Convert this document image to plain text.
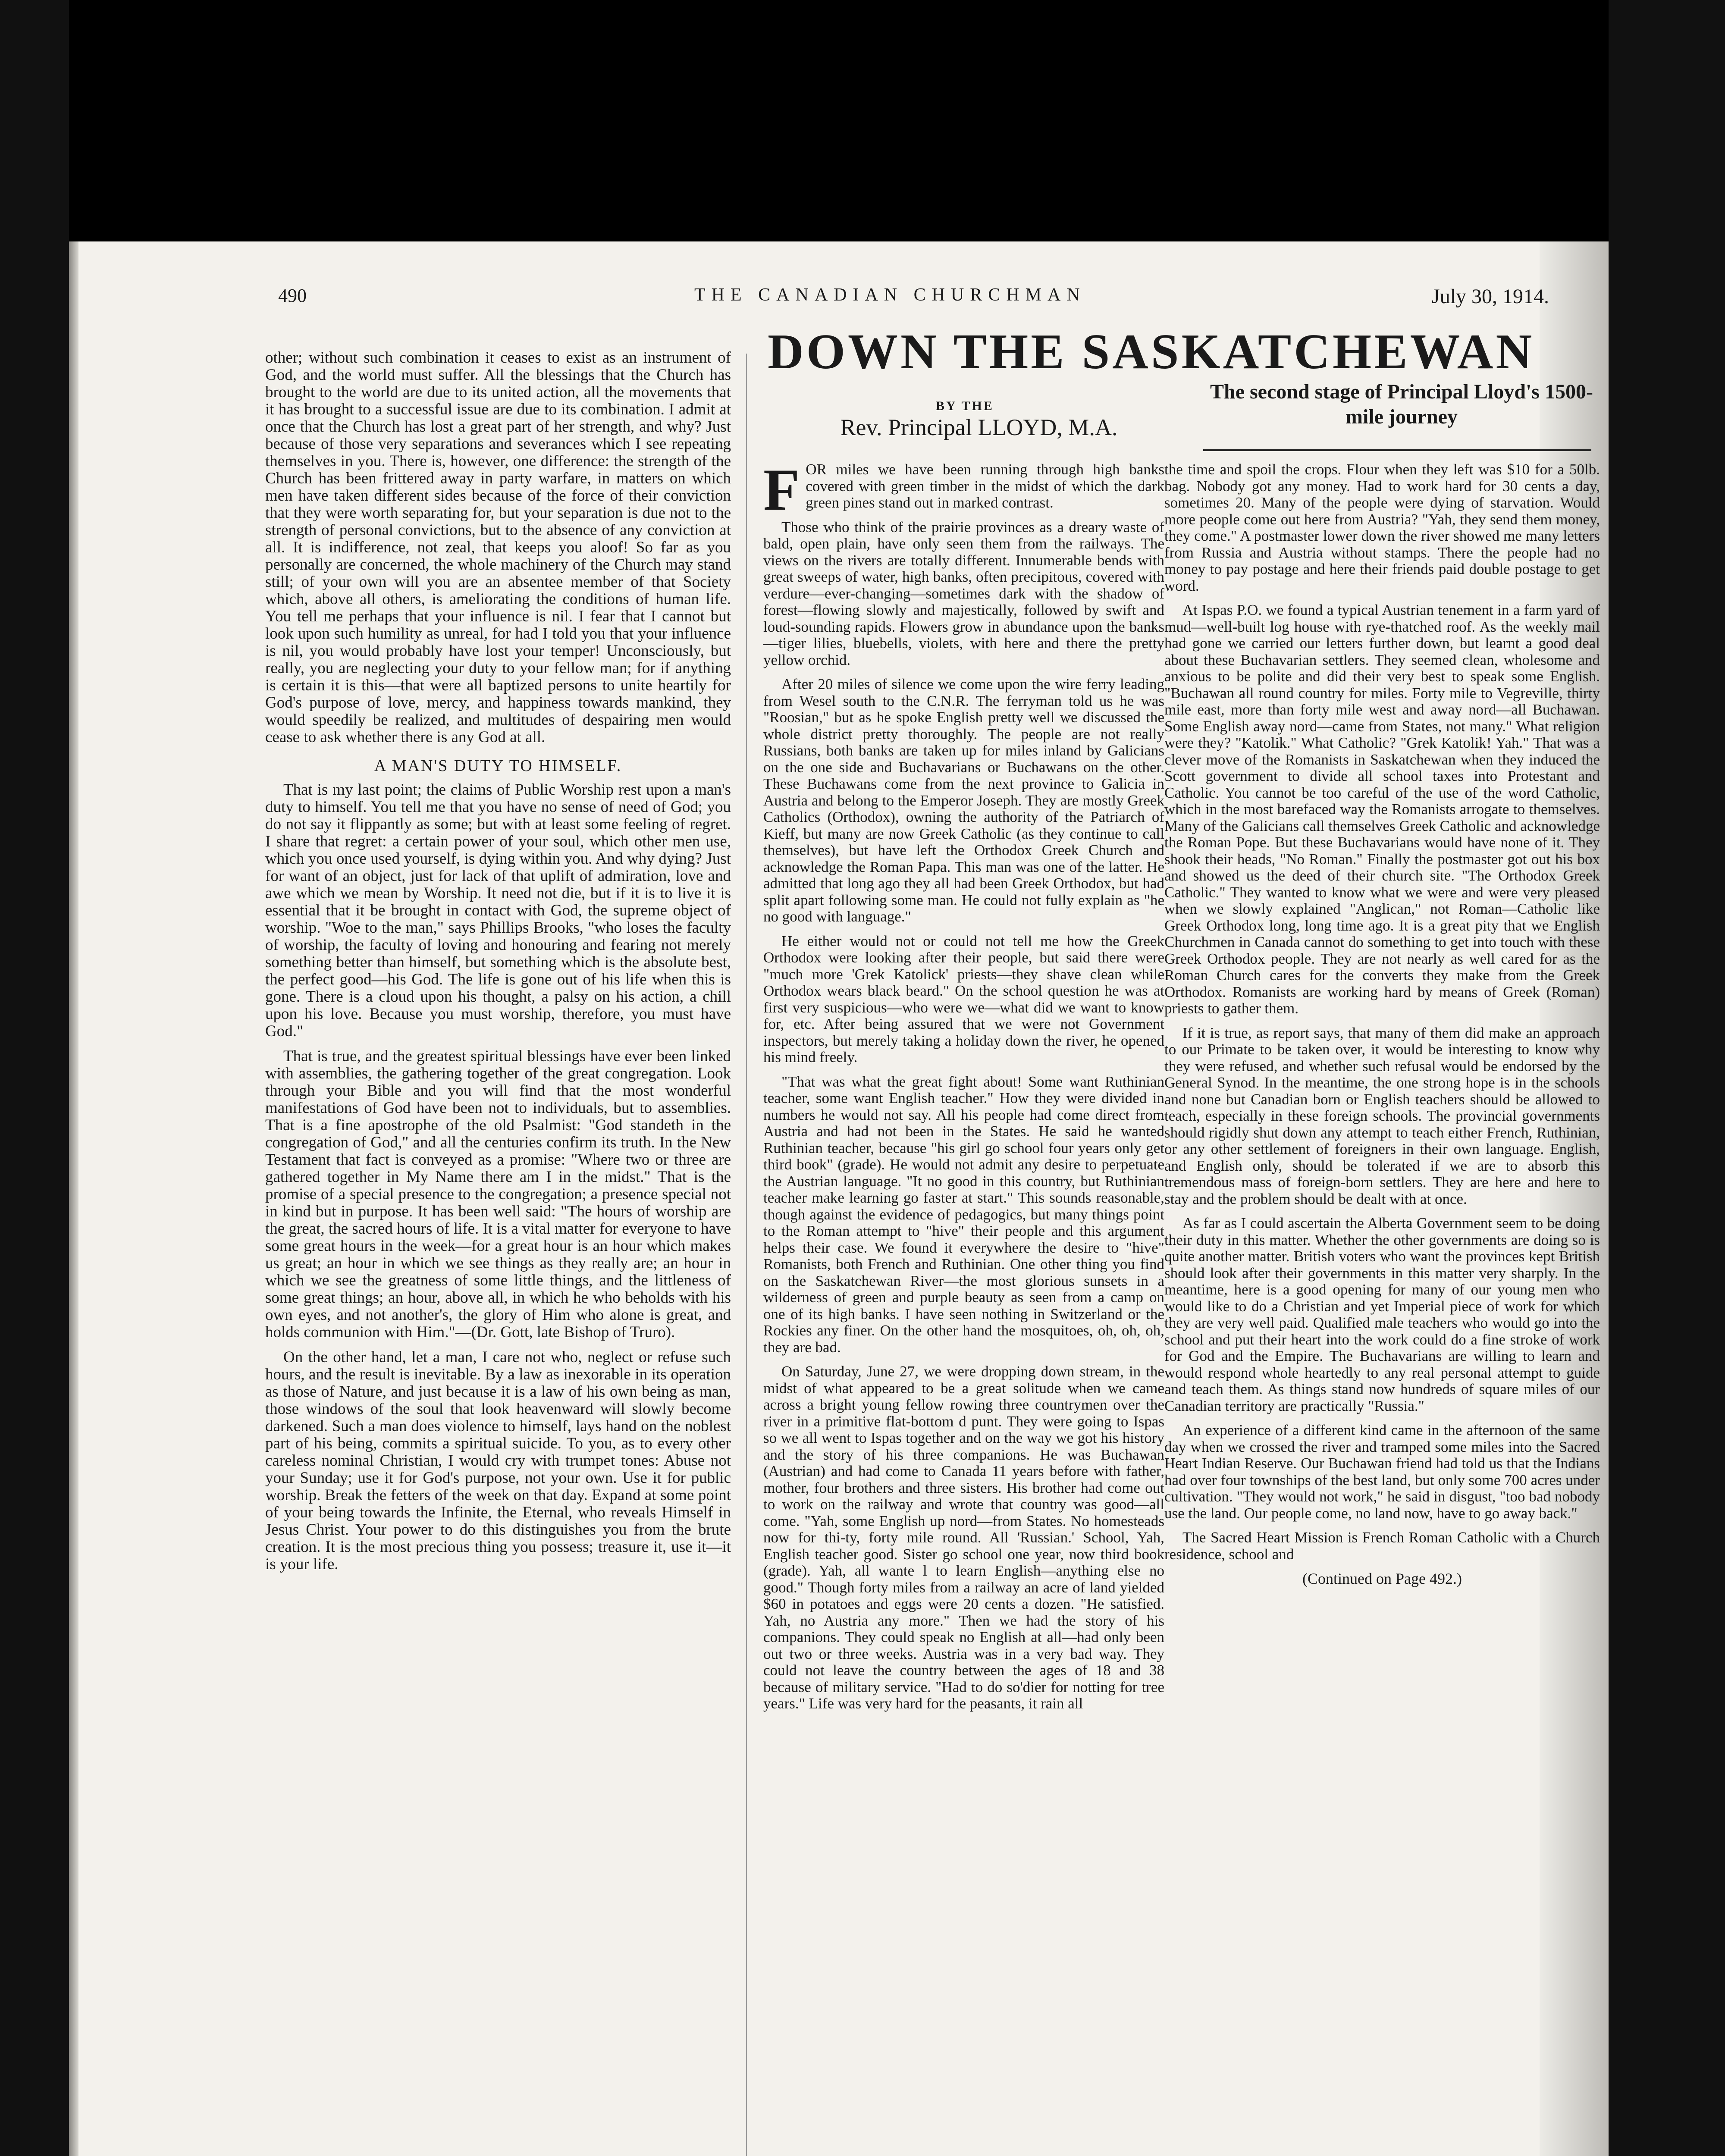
490	THE CANADIAN CHURCHMAN	July 30, 1914.
DOWN THE SASKATCHEWAN
BY THE
Rev. Principal LLOYD, M.A.
The second stage of Principal Lloyd's 1500-mile journey

other; without such combination it ceases to exist as an instrument of God, and the world must suffer. All the blessings that the Church has brought to the world are due to its united action, all the movements that it has brought to a successful issue are due to its combination. I admit at once that the Church has lost a great part of her strength, and why? Just because of those very separations and severances which I see repeating themselves in you. There is, however, one difference: the strength of the Church has been frittered away in party warfare, in matters on which men have taken different sides because of the force of their conviction that they were worth separating for, but your separation is due not to the strength of personal convictions, but to the absence of any conviction at all. It is indifference, not zeal, that keeps you aloof! So far as you personally are concerned, the whole machinery of the Church may stand still; of your own will you are an absentee member of that Society which, above all others, is ameliorating the conditions of human life. You tell me perhaps that your influence is nil. I fear that I cannot but look upon such humility as unreal, for had I told you that your influence is nil, you would probably have lost your temper! Unconsciously, but really, you are neglecting your duty to your fellow man; for if anything is certain it is this—that were all baptized persons to unite heartily for God's purpose of love, mercy, and happiness towards mankind, they would speedily be realized, and multitudes of despairing men would cease to ask whether there is any God at all.

A MAN'S DUTY TO HIMSELF.

That is my last point; the claims of Public Worship rest upon a man's duty to himself. You tell me that you have no sense of need of God; you do not say it flippantly as some; but with at least some feeling of regret. I share that regret: a certain power of your soul, which other men use, which you once used yourself, is dying within you. And why dying? Just for want of an object, just for lack of that uplift of admiration, love and awe which we mean by Worship. It need not die, but if it is to live it is essential that it be brought in contact with God, the supreme object of worship. "Woe to the man," says Phillips Brooks, "who loses the faculty of worship, the faculty of loving and honouring and fearing not merely something better than himself, but something which is the absolute best, the perfect good—his God. The life is gone out of his life when this is gone. There is a cloud upon his thought, a palsy on his action, a chill upon his love. Because you must worship, therefore, you must have God."

That is true, and the greatest spiritual blessings have ever been linked with assemblies, the gathering together of the great congregation. Look through your Bible and you will find that the most wonderful manifestations of God have been not to individuals, but to assemblies. That is a fine apostrophe of the old Psalmist: "God standeth in the congregation of God," and all the centuries confirm its truth. In the New Testament that fact is conveyed as a promise: "Where two or three are gathered together in My Name there am I in the midst." That is the promise of a special presence to the congregation; a presence special not in kind but in purpose. It has been well said: "The hours of worship are the great, the sacred hours of life. It is a vital matter for everyone to have some great hours in the week—for a great hour is an hour which makes us great; an hour in which we see things as they really are; an hour in which we see the greatness of some little things, and the littleness of some great things; an hour, above all, in which he who beholds with his own eyes, and not another's, the glory of Him who alone is great, and holds communion with Him."—(Dr. Gott, late Bishop of Truro).

On the other hand, let a man, I care not who, neglect or refuse such hours, and the result is inevitable. By a law as inexorable in its operation as those of Nature, and just because it is a law of his own being as man, those windows of the soul that look heavenward will slowly become darkened. Such a man does violence to himself, lays hand on the noblest part of his being, commits a spiritual suicide. To you, as to every other careless nominal Christian, I would cry with trumpet tones: Abuse not your Sunday; use it for God's purpose, not your own. Use it for public worship. Break the fetters of the week on that day. Expand at some point of your being towards the Infinite, the Eternal, who reveals Himself in Jesus Christ. Your power to do this distinguishes you from the brute creation. It is the most precious thing you possess; treasure it, use it—it is your life.

FOR miles we have been running through high banks covered with green timber in the midst of which the dark green pines stand out in marked contrast.

Those who think of the prairie provinces as a dreary waste of bald, open plain, have only seen them from the railways. The views on the rivers are totally different. Innumerable bends with great sweeps of water, high banks, often precipitous, covered with verdure—ever-changing—sometimes dark with the shadow of forest—flowing slowly and majestically, followed by swift and loud-sounding rapids. Flowers grow in abundance upon the banks—tiger lilies, bluebells, violets, with here and there the pretty yellow orchid.

After 20 miles of silence we come upon the wire ferry leading from Wesel south to the C.N.R. The ferryman told us he was "Roosian," but as he spoke English pretty well we discussed the whole district pretty thoroughly. The people are not really Russians, both banks are taken up for miles inland by Galicians on the one side and Buchavarians or Buchawans on the other. These Buchawans come from the next province to Galicia in Austria and belong to the Emperor Joseph. They are mostly Greek Catholics (Orthodox), owning the authority of the Patriarch of Kieff, but many are now Greek Catholic (as they continue to call themselves), but have left the Orthodox Greek Church and acknowledge the Roman Papa. This man was one of the latter. He admitted that long ago they all had been Greek Orthodox, but had split apart following some man. He could not fully explain as "he no good with language."

He either would not or could not tell me how the Greek Orthodox were looking after their people, but said there were "much more 'Grek Katolick' priests—they shave clean while Orthodox wears black beard." On the school question he was at first very suspicious—who were we—what did we want to know for, etc. After being assured that we were not Government inspectors, but merely taking a holiday down the river, he opened his mind freely.

"That was what the great fight about! Some want Ruthinian teacher, some want English teacher." How they were divided in numbers he would not say. All his people had come direct from Austria and had not been in the States. He said he wanted Ruthinian teacher, because "his girl go school four years only get third book" (grade). He would not admit any desire to perpetuate the Austrian language. "It no good in this country, but Ruthinian teacher make learning go faster at start." This sounds reasonable, though against the evidence of pedagogics, but many things point to the Roman attempt to "hive" their people and this argument helps their case. We found it everywhere the desire to "hive" Romanists, both French and Ruthinian. One other thing you find on the Saskatchewan River—the most glorious sunsets in a wilderness of green and purple beauty as seen from a camp on one of its high banks. I have seen nothing in Switzerland or the Rockies any finer. On the other hand the mosquitoes, oh, oh, oh, they are bad.

On Saturday, June 27, we were dropping down stream, in the midst of what appeared to be a great solitude when we came across a bright young fellow rowing three countrymen over the river in a primitive flat-bottom d punt. They were going to Ispas so we all went to Ispas together and on the way we got his history and the story of his three companions. He was Buchawan (Austrian) and had come to Canada 11 years before with father, mother, four brothers and three sisters. His brother had come out to work on the railway and wrote that country was good—all come. "Yah, some English up nord—from States. No homesteads now for thi-ty, forty mile round. All 'Russian.' School, Yah, English teacher good. Sister go school one year, now third book (grade). Yah, all wante l to learn English—anything else no good." Though forty miles from a railway an acre of land yielded $60 in potatoes and eggs were 20 cents a dozen. "He satisfied. Yah, no Austria any more." Then we had the story of his companions. They could speak no English at all—had only been out two or three weeks. Austria was in a very bad way. They could not leave the country between the ages of 18 and 38 because of military service. "Had to do so'dier for notting for tree years." Life was very hard for the peasants, it rain all

the time and spoil the crops. Flour when they left was $10 for a 50lb. bag. Nobody got any money. Had to work hard for 30 cents a day, sometimes 20. Many of the people were dying of starvation. Would more people come out here from Austria? "Yah, they send them money, they come." A postmaster lower down the river showed me many letters from Russia and Austria without stamps. There the people had no money to pay postage and here their friends paid double postage to get word.

At Ispas P.O. we found a typical Austrian tenement in a farm yard of mud—well-built log house with rye-thatched roof. As the weekly mail had gone we carried our letters further down, but learnt a good deal about these Buchavarian settlers. They seemed clean, wholesome and anxious to be polite and did their very best to speak some English. "Buchawan all round country for miles. Forty mile to Vegreville, thirty mile east, more than forty mile west and away nord—all Buchawan. Some English away nord—came from States, not many." What religion were they? "Katolik." What Catholic? "Grek Katolik! Yah." That was a clever move of the Romanists in Saskatchewan when they induced the Scott government to divide all school taxes into Protestant and Catholic. You cannot be too careful of the use of the word Catholic, which in the most barefaced way the Romanists arrogate to themselves. Many of the Galicians call themselves Greek Catholic and acknowledge the Roman Pope. But these Buchavarians would have none of it. They shook their heads, "No Roman." Finally the postmaster got out his box and showed us the deed of their church site. "The Orthodox Greek Catholic." They wanted to know what we were and were very pleased when we slowly explained "Anglican," not Roman—Catholic like Greek Orthodox long, long time ago. It is a great pity that we English Churchmen in Canada cannot do something to get into touch with these Greek Orthodox people. They are not nearly as well cared for as the Roman Church cares for the converts they make from the Greek Orthodox. Romanists are working hard by means of Greek (Roman) priests to gather them.

If it is true, as report says, that many of them did make an approach to our Primate to be taken over, it would be interesting to know why they were refused, and whether such refusal would be endorsed by the General Synod. In the meantime, the one strong hope is in the schools and none but Canadian born or English teachers should be allowed to teach, especially in these foreign schools. The provincial governments should rigidly shut down any attempt to teach either French, Ruthinian, or any other settlement of foreigners in their own language. English, and English only, should be tolerated if we are to absorb this tremendous mass of foreign-born settlers. They are here and here to stay and the problem should be dealt with at once.

As far as I could ascertain the Alberta Government seem to be doing their duty in this matter. Whether the other governments are doing so is quite another matter. British voters who want the provinces kept British should look after their governments in this matter very sharply. In the meantime, here is a good opening for many of our young men who would like to do a Christian and yet Imperial piece of work for which they are very well paid. Qualified male teachers who would go into the school and put their heart into the work could do a fine stroke of work for God and the Empire. The Buchavarians are willing to learn and would respond whole heartedly to any real personal attempt to guide and teach them. As things stand now hundreds of square miles of our Canadian territory are practically "Russia."

An experience of a different kind came in the afternoon of the same day when we crossed the river and tramped some miles into the Sacred Heart Indian Reserve. Our Buchawan friend had told us that the Indians had over four townships of the best land, but only some 700 acres under cultivation. "They would not work," he said in disgust, "too bad nobody use the land. Our people come, no land now, have to go away back."

The Sacred Heart Mission is French Roman Catholic with a Church residence, school and

(Continued on Page 492.)
